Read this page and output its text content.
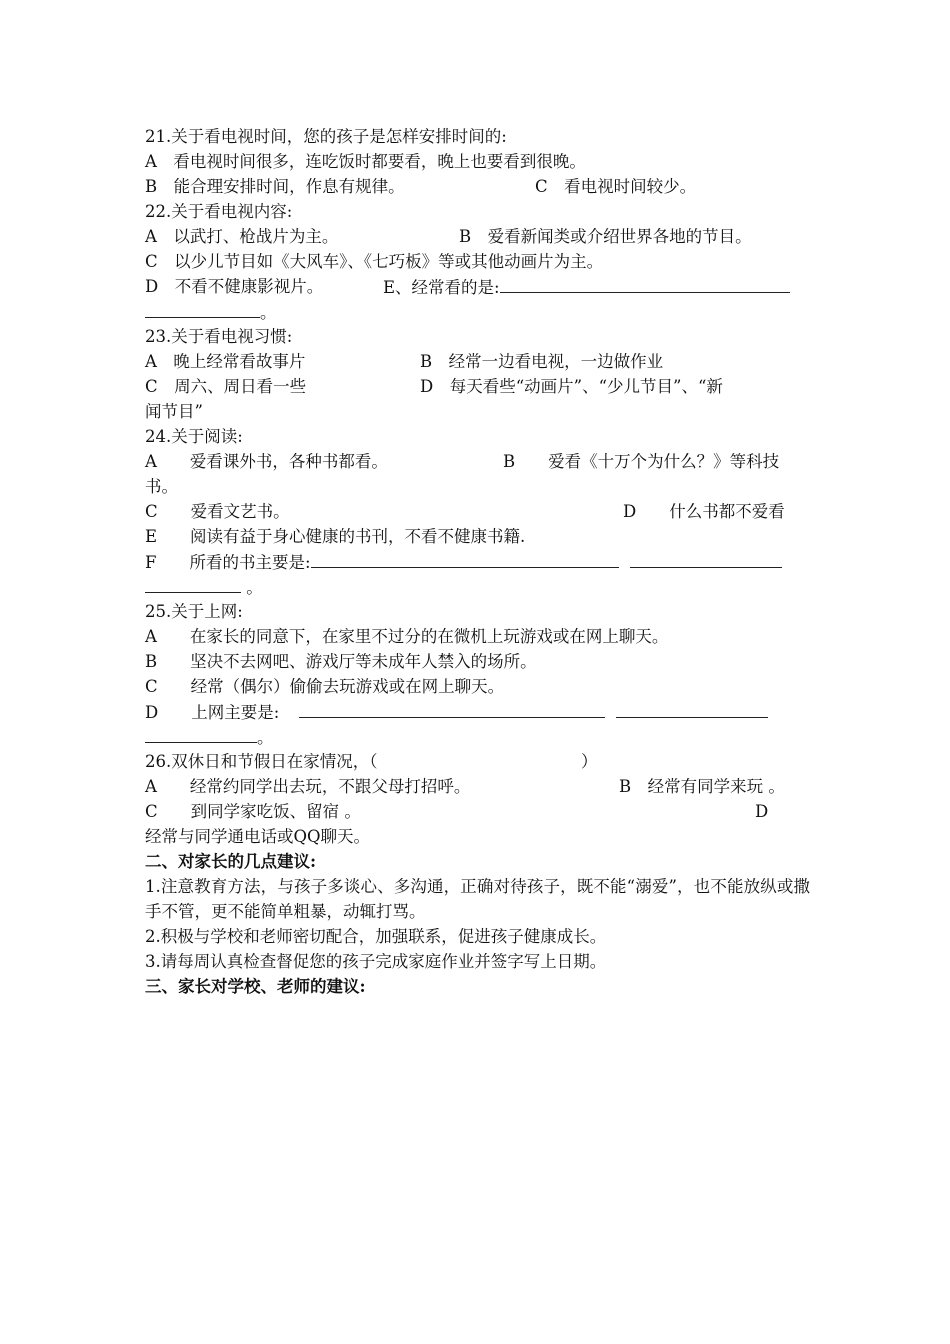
21.关于看电视时间，您的孩子是怎样安排时间的:
A　看电视时间很多，连吃饭时都要看，晚上也要看到很晚。
B　能合理安排时间，作息有规律。	C　看电视时间较少。
22.关于看电视内容:
A　以武打、枪战片为主。	B　爱看新闻类或介绍世界各地的节目。
C　以少儿节目如《大风车》、《七巧板》等或其他动画片为主。
D　不看不健康影视片。	E、经常看的是:
。
23.关于看电视习惯:
A　晚上经常看故事片	B　经常一边看电视，一边做作业
C　周六、周日看一些	D　每天看些“动画片”、“少儿节目”、“新
闻节目”
24.关于阅读:
A　　爱看课外书，各种书都看。	B　　爱看《十万个为什么？》等科技
书。
C　　爱看文艺书。	D　　什么书都不爱看
E　　阅读有益于身心健康的书刊，不看不健康书籍.
F　　所看的书主要是:
。
25.关于上网:
A　　在家长的同意下，在家里不过分的在微机上玩游戏或在网上聊天。
B　　坚决不去网吧、游戏厅等未成年人禁入的场所。
C　　经常（偶尔）偷偷去玩游戏或在网上聊天。
D　　上网主要是:
。
26.双休日和节假日在家情况，（	）
A　　经常约同学出去玩，不跟父母打招呼。	B　经常有同学来玩 。
C　　到同学家吃饭、留宿 。	D
经常与同学通电话或QQ聊天。
二、对家长的几点建议:
1.注意教育方法，与孩子多谈心、多沟通，正确对待孩子，既不能“溺爱”，也不能放纵或撒手不管，更不能简单粗暴，动辄打骂。
2.积极与学校和老师密切配合，加强联系，促进孩子健康成长。
3.请每周认真检查督促您的孩子完成家庭作业并签字写上日期。
三、家长对学校、老师的建议:
